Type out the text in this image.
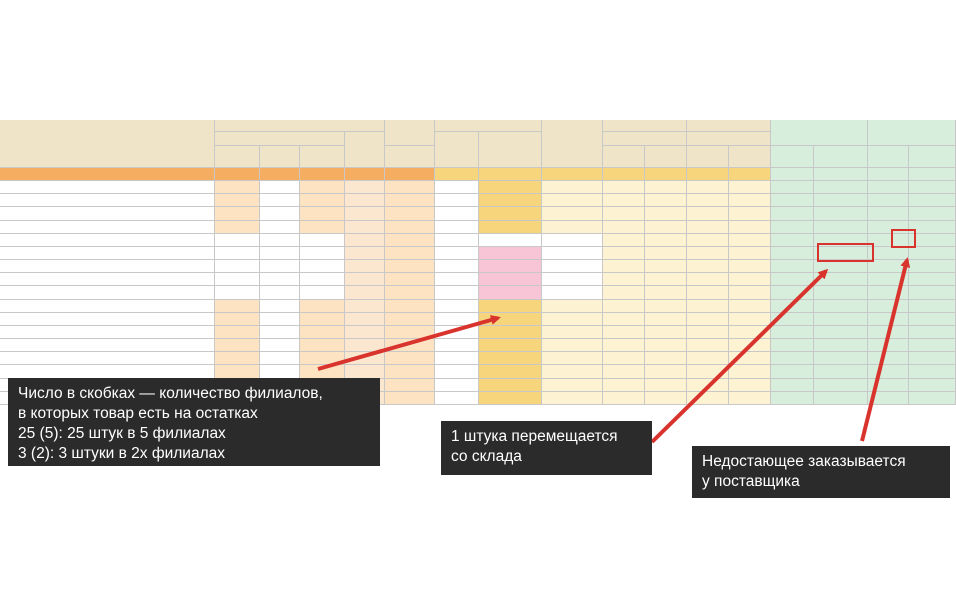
Число в скобках — количество филиалов,
в которых товар есть на остатках
25 (5): 25 штук в 5 филиалах
3 (2): 3 штуки в 2х филиалах
1 штука перемещается
со склада	Недостающее заказывается
у поставщика
